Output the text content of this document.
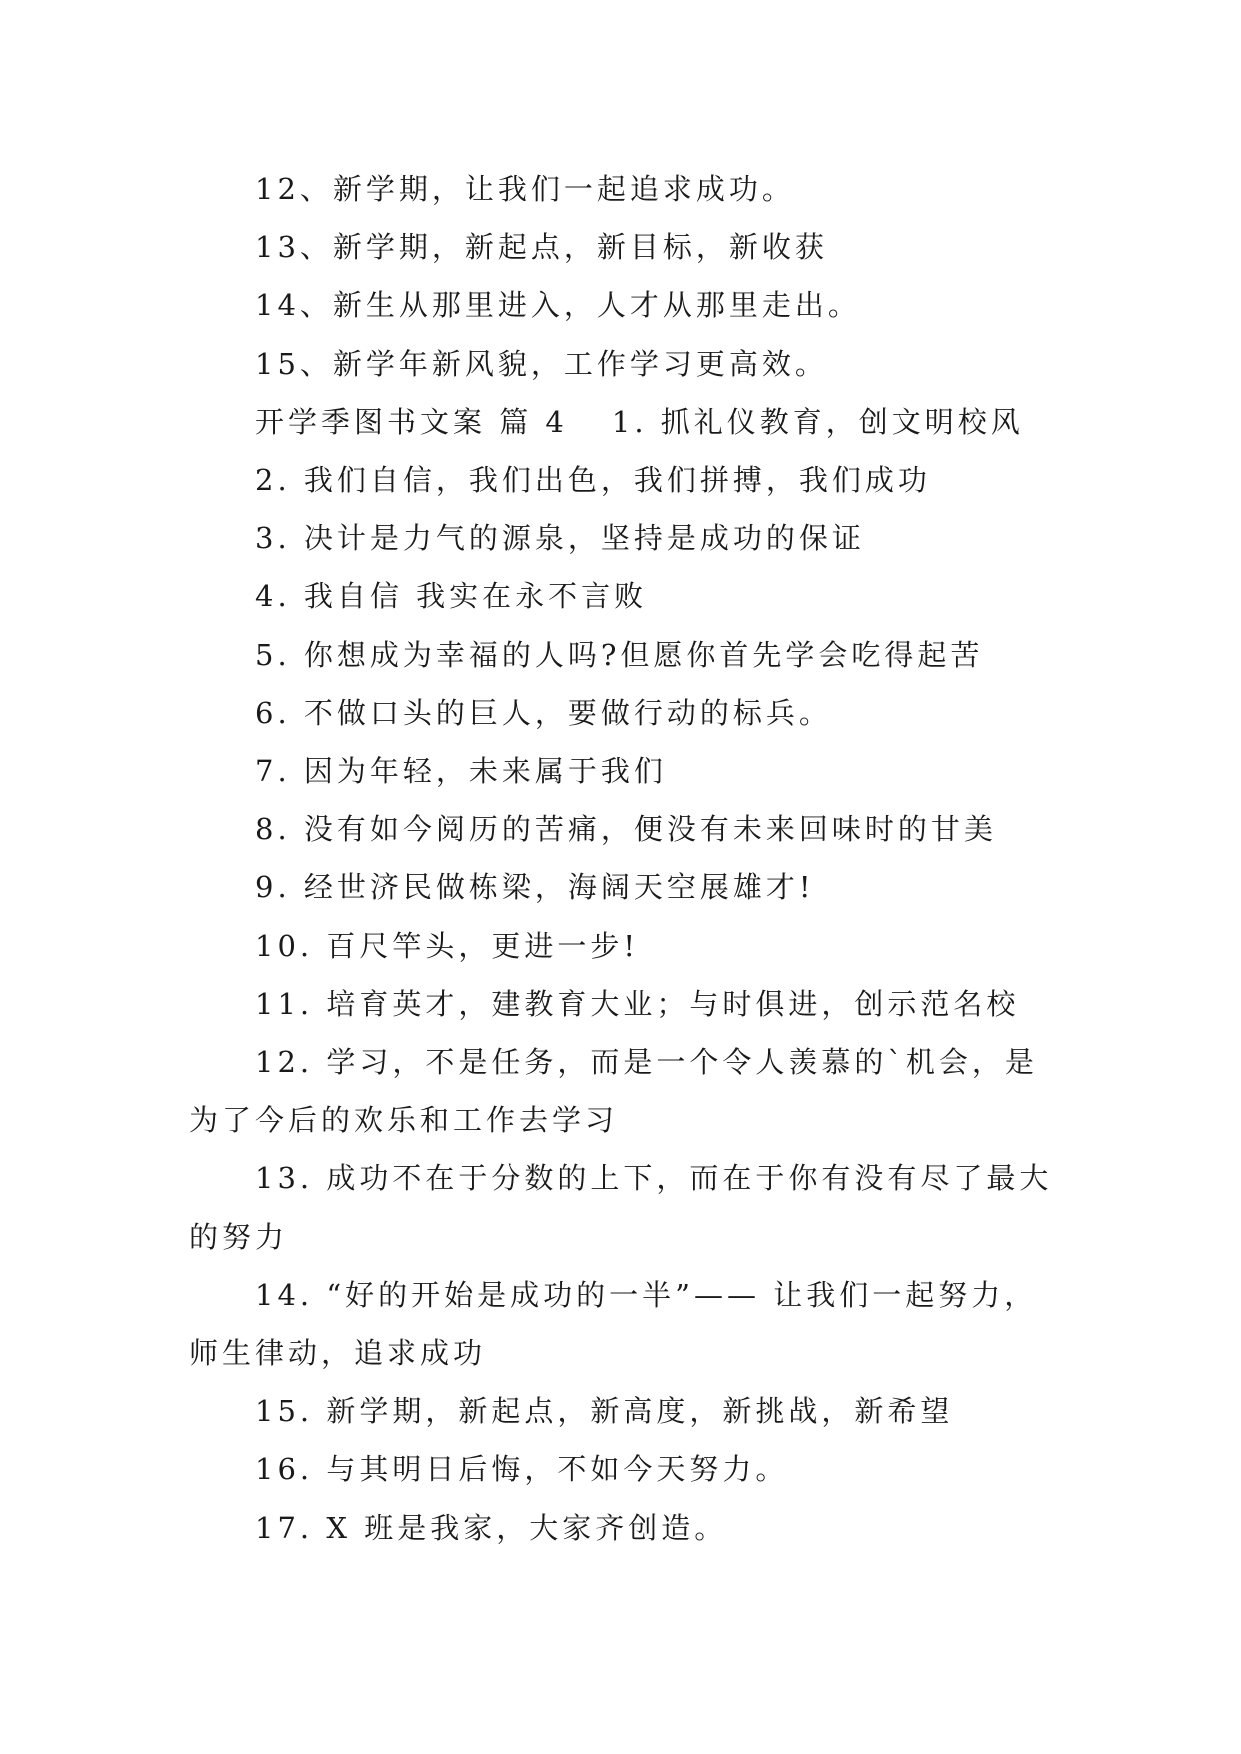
12、新学期，让我们一起追求成功。

13、新学期，新起点，新目标，新收获

14、新生从那里进入，人才从那里走出。

15、新学年新风貌，工作学习更高效。

开学季图书文案 篇 4 1. 抓礼仪教育，创文明校风

2. 我们自信，我们出色，我们拼搏，我们成功

3. 决计是力气的源泉，坚持是成功的保证

4. 我自信 我实在永不言败

5. 你想成为幸福的人吗?但愿你首先学会吃得起苦

6. 不做口头的巨人，要做行动的标兵。

7. 因为年轻，未来属于我们

8. 没有如今阅历的苦痛，便没有未来回味时的甘美

9. 经世济民做栋梁，海阔天空展雄才!

10. 百尺竿头，更进一步!

11. 培育英才，建教育大业；与时俱进，创示范名校

12. 学习，不是任务，而是一个令人羡慕的`机会，是

为了今后的欢乐和工作去学习

13. 成功不在于分数的上下，而在于你有没有尽了最大

的努力

14. “好的开始是成功的一半”—— 让我们一起努力，

师生律动，追求成功

15. 新学期，新起点，新高度，新挑战，新希望

16. 与其明日后悔，不如今天努力。

17. X 班是我家，大家齐创造。
